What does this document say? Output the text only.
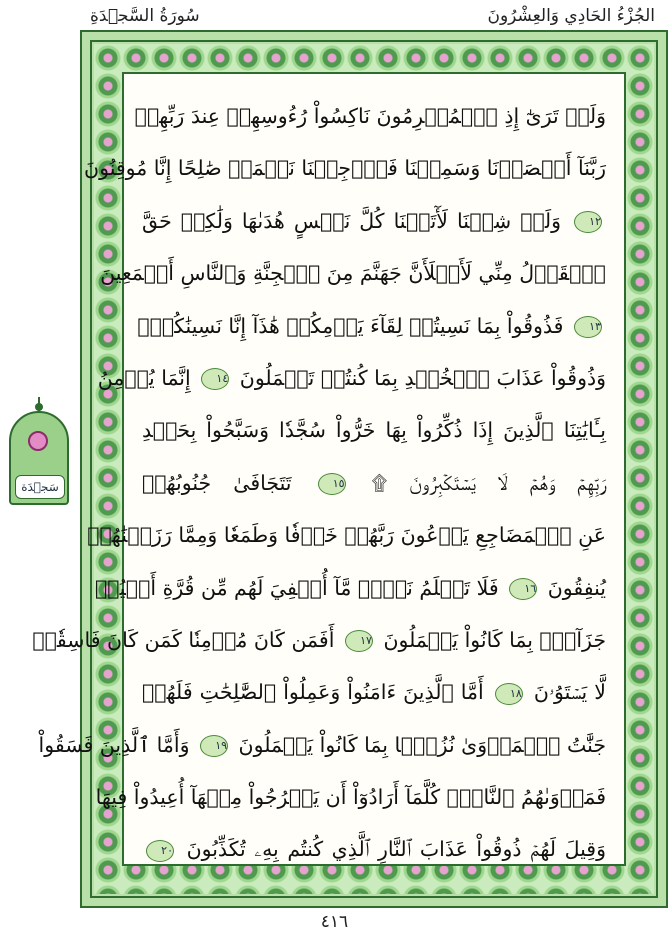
سُورَةُ السَّجۡدَةِ	الجُزْءُ الحَادِي وَالعِشْرُونَ
سَجۡدَة
وَلَوۡ تَرَىٰٓ إِذِ ٱلۡمُجۡرِمُونَ نَاكِسُواْ رُءُوسِهِمۡ عِندَ رَبِّهِمۡ
رَبَّنَآ أَبۡصَرۡنَا وَسَمِعۡنَا فَٱرۡجِعۡنَا نَعۡمَلۡ صَٰلِحًا إِنَّا مُوقِنُونَ
١٢ وَلَوۡ شِئۡنَا لَأٓتَيۡنَا كُلَّ نَفۡسٍ هُدَىٰهَا وَلَٰكِنۡ حَقَّ
ٱلۡقَوۡلُ مِنِّي لَأَمۡلَأَنَّ جَهَنَّمَ مِنَ ٱلۡجِنَّةِ وَٱلنَّاسِ أَجۡمَعِينَ
١٣ فَذُوقُواْ بِمَا نَسِيتُمۡ لِقَآءَ يَوۡمِكُمۡ هَٰذَآ إِنَّا نَسِينَٰكُمۡۖ
وَذُوقُواْ عَذَابَ ٱلۡخُلۡدِ بِمَا كُنتُمۡ تَعۡمَلُونَ ١٤ إِنَّمَا يُؤۡمِنُ
بِـَٔايَٰتِنَا ٱلَّذِينَ إِذَا ذُكِّرُواْ بِهَا خَرُّواْ سُجَّدٗا وَسَبَّحُواْ بِحَمۡدِ
رَبِّهِمۡ وَهُمۡ لَا يَسۡتَكۡبِرُونَ ۩ ١٥ تَتَجَافَىٰ جُنُوبُهُمۡ
عَنِ ٱلۡمَضَاجِعِ يَدۡعُونَ رَبَّهُمۡ خَوۡفٗا وَطَمَعٗا وَمِمَّا رَزَقۡنَٰهُمۡ
يُنفِقُونَ ١٦ فَلَا تَعۡلَمُ نَفۡسٞ مَّآ أُخۡفِيَ لَهُم مِّن قُرَّةِ أَعۡيُنٖ
جَزَآءَۢ بِمَا كَانُواْ يَعۡمَلُونَ ١٧ أَفَمَن كَانَ مُؤۡمِنٗا كَمَن كَانَ فَاسِقٗاۚ
لَّا يَسۡتَوُۥنَ ١٨ أَمَّا ٱلَّذِينَ ءَامَنُواْ وَعَمِلُواْ ٱلصَّٰلِحَٰتِ فَلَهُمۡ
جَنَّٰتُ ٱلۡمَأۡوَىٰ نُزُلَۢا بِمَا كَانُواْ يَعۡمَلُونَ ١٩ وَأَمَّا ٱلَّذِينَ فَسَقُواْ
فَمَأۡوَىٰهُمُ ٱلنَّارُۖ كُلَّمَآ أَرَادُوٓاْ أَن يَخۡرُجُواْ مِنۡهَآ أُعِيدُواْ فِيهَا
وَقِيلَ لَهُمۡ ذُوقُواْ عَذَابَ ٱلنَّارِ ٱلَّذِي كُنتُم بِهِۦ تُكَذِّبُونَ ٢٠
٤١٦
